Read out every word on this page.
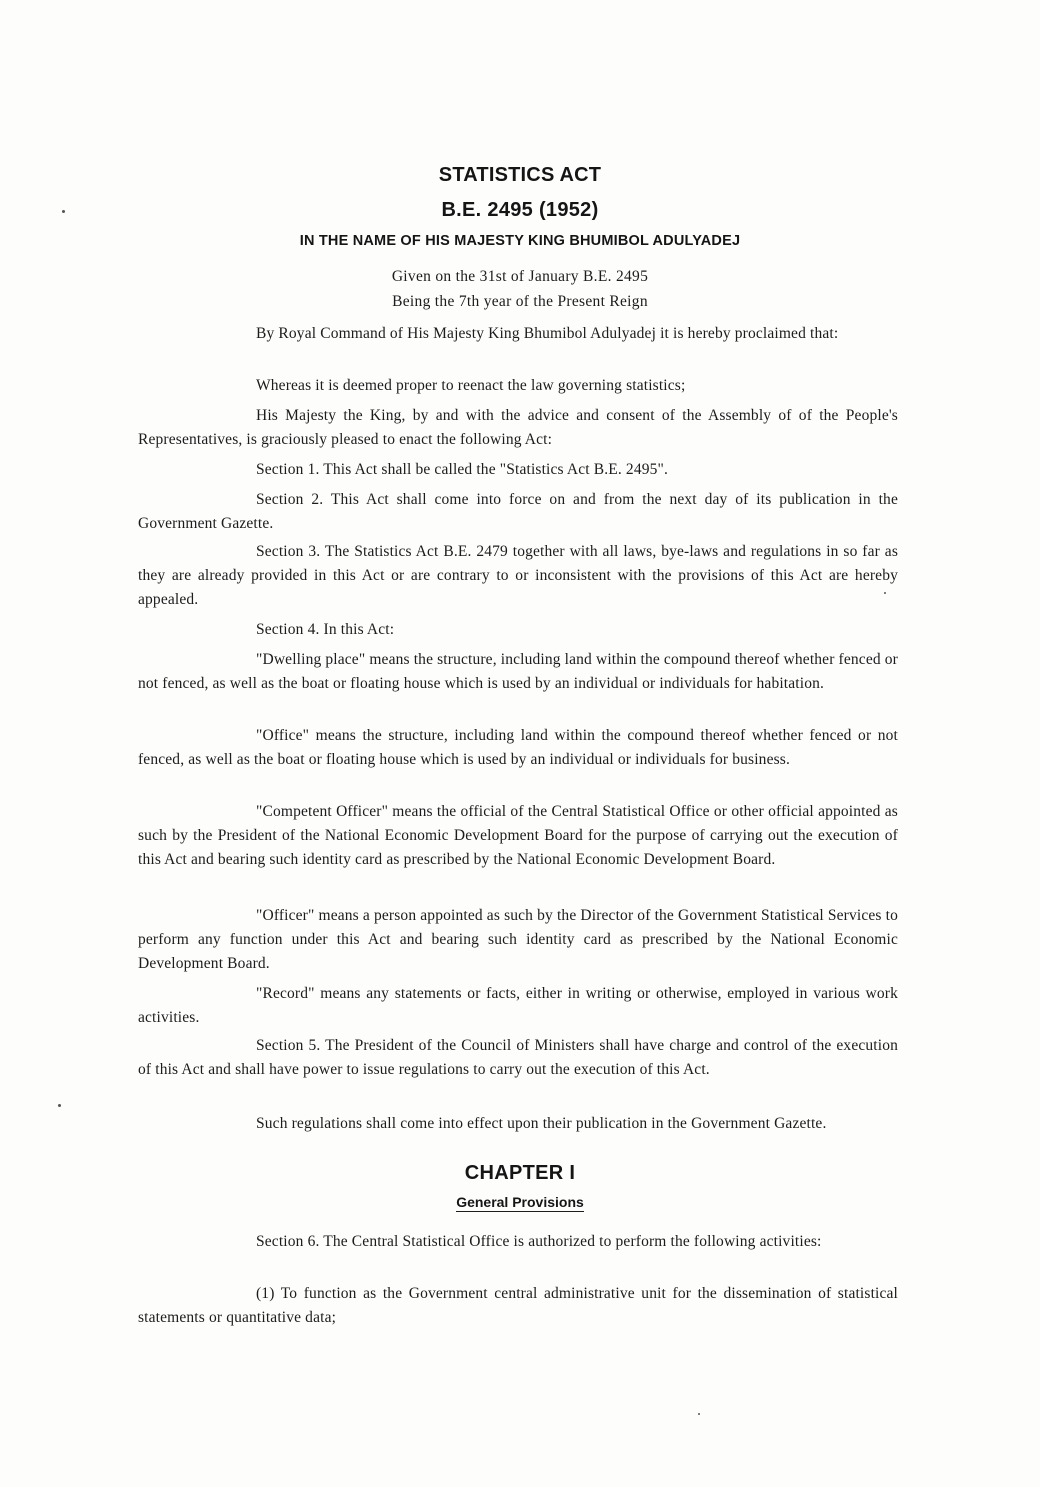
STATISTICS ACT
B.E. 2495 (1952)
IN THE NAME OF HIS MAJESTY KING BHUMIBOL ADULYADEJ
Given on the 31st of January B.E. 2495
Being the 7th year of the Present Reign

By Royal Command of His Majesty King Bhumibol Adulyadej it is hereby proclaimed that:

Whereas it is deemed proper to reenact the law governing statistics;

His Majesty the King, by and with the advice and consent of the Assembly of of the People's Representatives, is graciously pleased to enact the following Act:

Section 1. This Act shall be called the "Statistics Act B.E. 2495".

Section 2. This Act shall come into force on and from the next day of its publication in the Government Gazette.

Section 3. The Statistics Act B.E. 2479 together with all laws, bye-laws and regulations in so far as they are already provided in this Act or are contrary to or inconsistent with the provisions of this Act are hereby appealed.

Section 4. In this Act:

"Dwelling place" means the structure, including land within the compound thereof whether fenced or not fenced, as well as the boat or floating house which is used by an individual or individuals for habitation.

"Office" means the structure, including land within the compound thereof whether fenced or not fenced, as well as the boat or floating house which is used by an individual or individuals for business.

"Competent Officer" means the official of the Central Statistical Office or other official appointed as such by the President of the National Economic Development Board for the purpose of carrying out the execution of this Act and bearing such identity card as prescribed by the National Economic Development Board.

"Officer" means a person appointed as such by the Director of the Government Statistical Services to perform any function under this Act and bearing such identity card as prescribed by the National Economic Development Board.

"Record" means any statements or facts, either in writing or otherwise, employed in various work activities.

Section 5. The President of the Council of Ministers shall have charge and control of the execution of this Act and shall have power to issue regulations to carry out the execution of this Act.

Such regulations shall come into effect upon their publication in the Government Gazette.

CHAPTER I
General Provisions

Section 6. The Central Statistical Office is authorized to perform the following activities:

(1) To function as the Government central administrative unit for the dissemination of statistical statements or quantitative data;
